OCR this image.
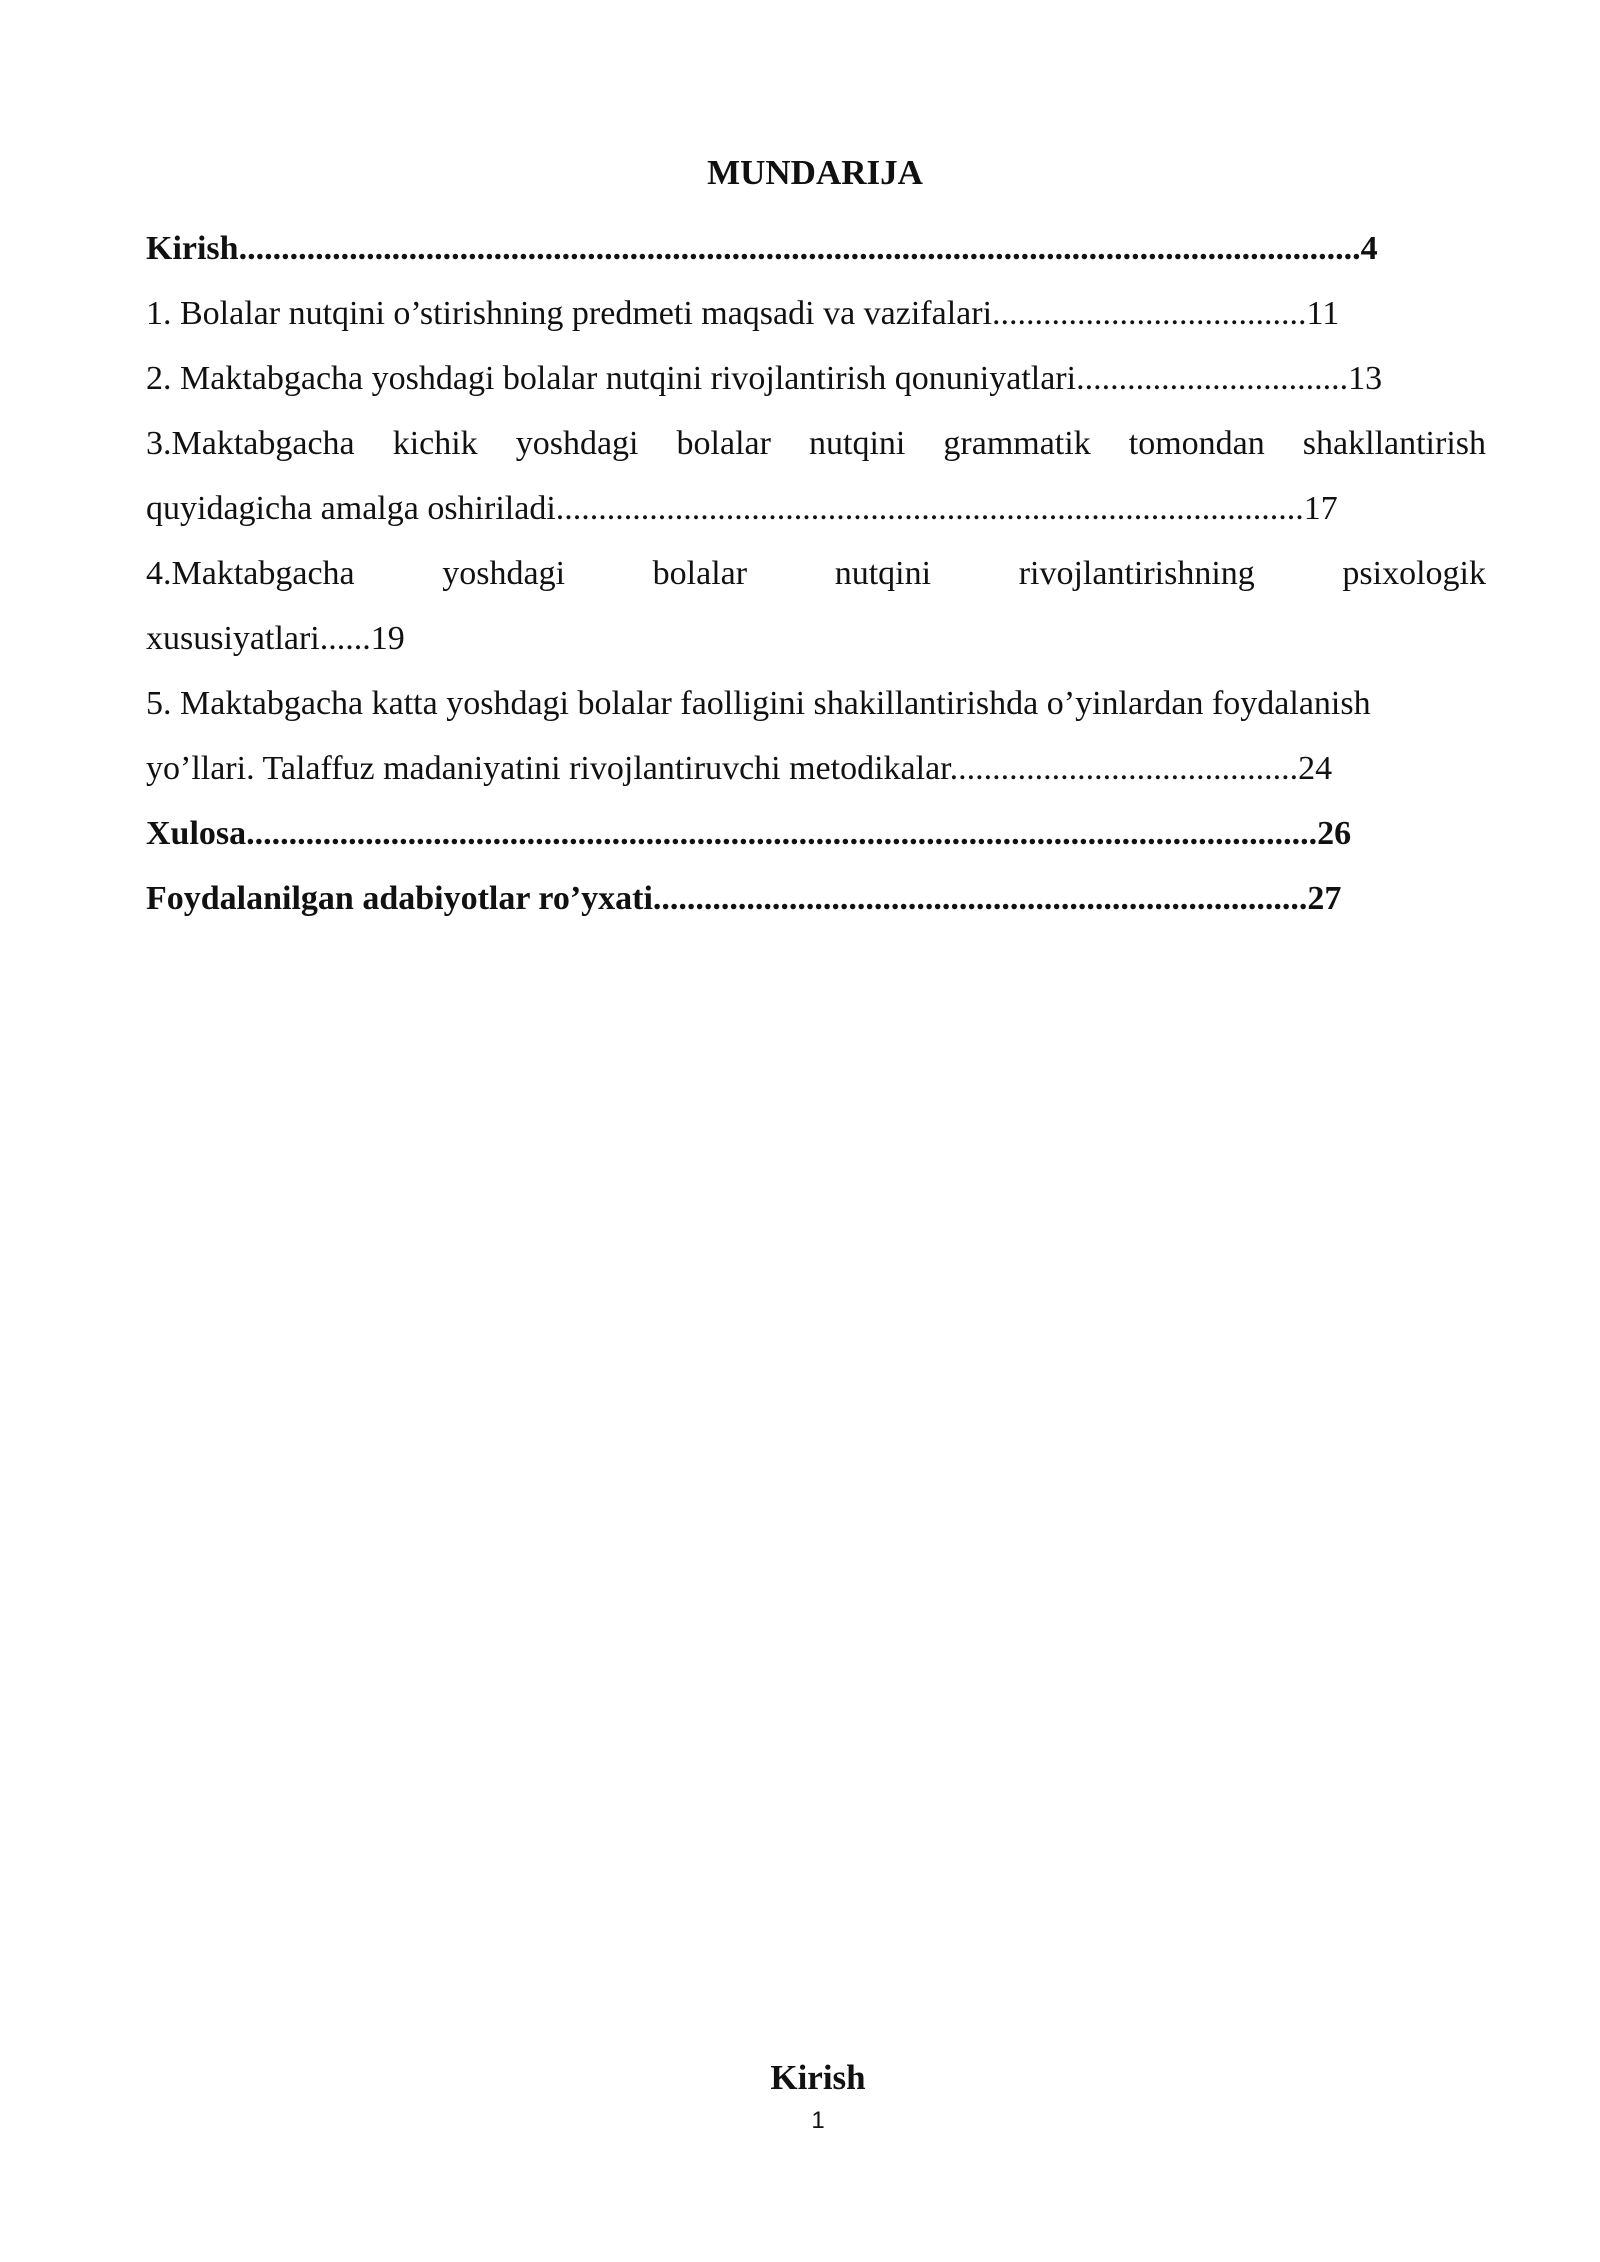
MUNDARIJA
Kirish....................................................................................................................................4
1. Bolalar nutqini o’stirishning predmeti maqsadi va vazifalari.....................................11
2. Maktabgacha yoshdagi bolalar nutqini rivojlantirish qonuniyatlari................................13
3.Maktabgacha kichik yoshdagi bolalar nutqini grammatik tomondan shakllantirish
quyidagicha amalga oshiriladi........................................................................................17
4.Maktabgacha yoshdagi bolalar nutqini rivojlantirishning psixologik
xususiyatlari......19
5. Maktabgacha katta yoshdagi bolalar faolligini shakillantirishda o’yinlardan foydalanish
yo’llari. Talaffuz madaniyatini rivojlantiruvchi metodikalar.........................................24
Xulosa..............................................................................................................................26
Foydalanilgan adabiyotlar ro’yxati.............................................................................27
Kirish
1
